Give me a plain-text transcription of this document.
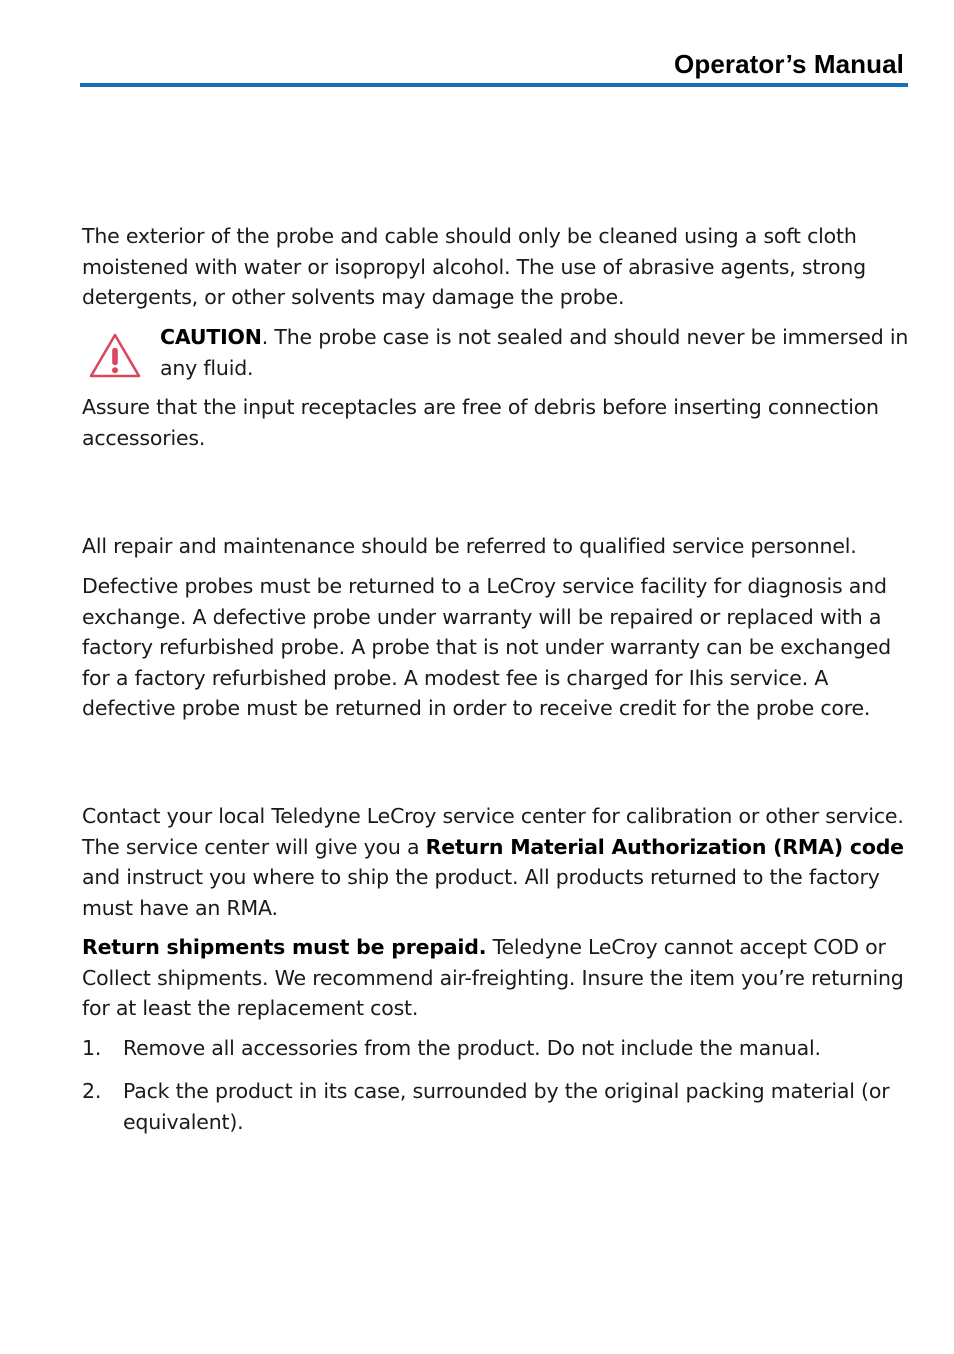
Operator’s Manual

The exterior of the probe and cable should only be cleaned using a soft cloth moistened with water or isopropyl alcohol. The use of abrasive agents, strong detergents, or other solvents may damage the probe.

CAUTION. The probe case is not sealed and should never be immersed in any fluid.

Assure that the input receptacles are free of debris before inserting connection accessories.

All repair and maintenance should be referred to qualified service personnel.

Defective probes must be returned to a LeCroy service facility for diagnosis and exchange. A defective probe under warranty will be repaired or replaced with a factory refurbished probe. A probe that is not under warranty can be exchanged for a factory refurbished probe. A modest fee is charged for Ihis service. A defective probe must be returned in order to receive credit for the probe core.

Contact your local Teledyne LeCroy service center for calibration or other service. The service center will give you a Return Material Authorization (RMA) code and instruct you where to ship the product. All products returned to the factory must have an RMA.

Return shipments must be prepaid. Teledyne LeCroy cannot accept COD or Collect shipments. We recommend air-freighting. Insure the item you’re returning for at least the replacement cost.

1. Remove all accessories from the product. Do not include the manual.
2. Pack the product in its case, surrounded by the original packing material (or equivalent).
